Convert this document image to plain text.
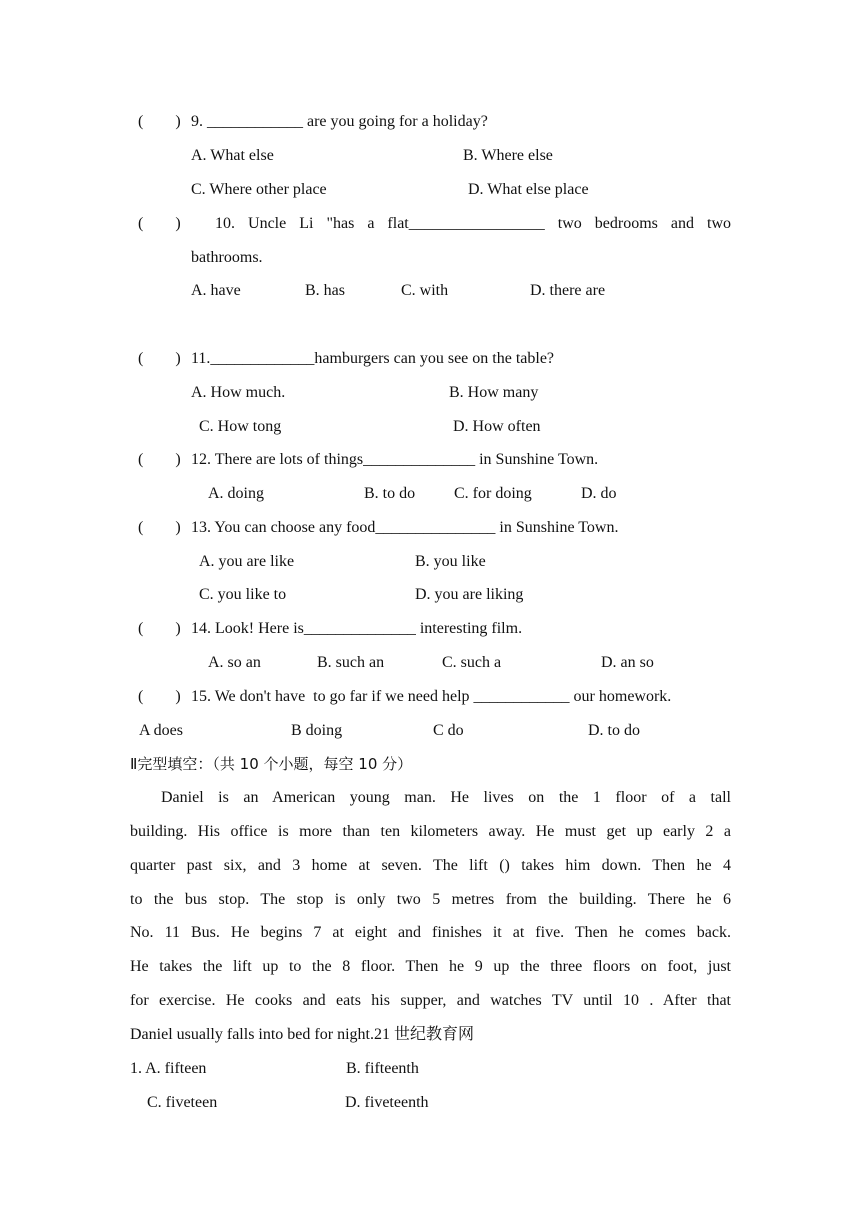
(　　) 9. ____________ are you going for a holiday?
A. What else	B. Where else
C. Where other place	D. What else place
(　　) 10. Uncle Li "has a flat_________________ two bedrooms and two
bathrooms.
A. have	B. has	C. with	D. there are
(　　) 11._____________hamburgers can you see on the table?
A. How much.	B. How many
C. How tong	D. How often
(　　) 12. There are lots of things______________ in Sunshine Town.
A. doing	B. to do C. for doing	D. do
(　　) 13. You can choose any food_______________ in Sunshine Town.
A. you are like	B. you like
C. you like to	D. you are liking
(　　) 14. Look! Here is______________ interesting film.
A. so an	B. such an	C. such a	D. an so
(　　) 15. We don't have  to go far if we need help ____________ our homework.
A does	B doing	C do	D. to do
Ⅱ完型填空：（共 10 个小题，每空 10 分）
Daniel is an American young man. He lives on the 1 floor of a tall
building. His office is more than ten kilometers away. He must get up early 2 a
quarter past six, and 3 home at seven. The lift () takes him down. Then he 4
to the bus stop. The stop is only two 5 metres from the building. There he 6
No. 11 Bus. He begins 7 at eight and finishes it at five. Then he comes back.
He takes the lift up to the 8 floor. Then he 9 up the three floors on foot, just
for exercise. He cooks and eats his supper, and watches TV until 10 . After that
Daniel usually falls into bed for night.21 世纪教育网
1. A. fifteen	B. fifteenth
C. fiveteen	D. fiveteenth
